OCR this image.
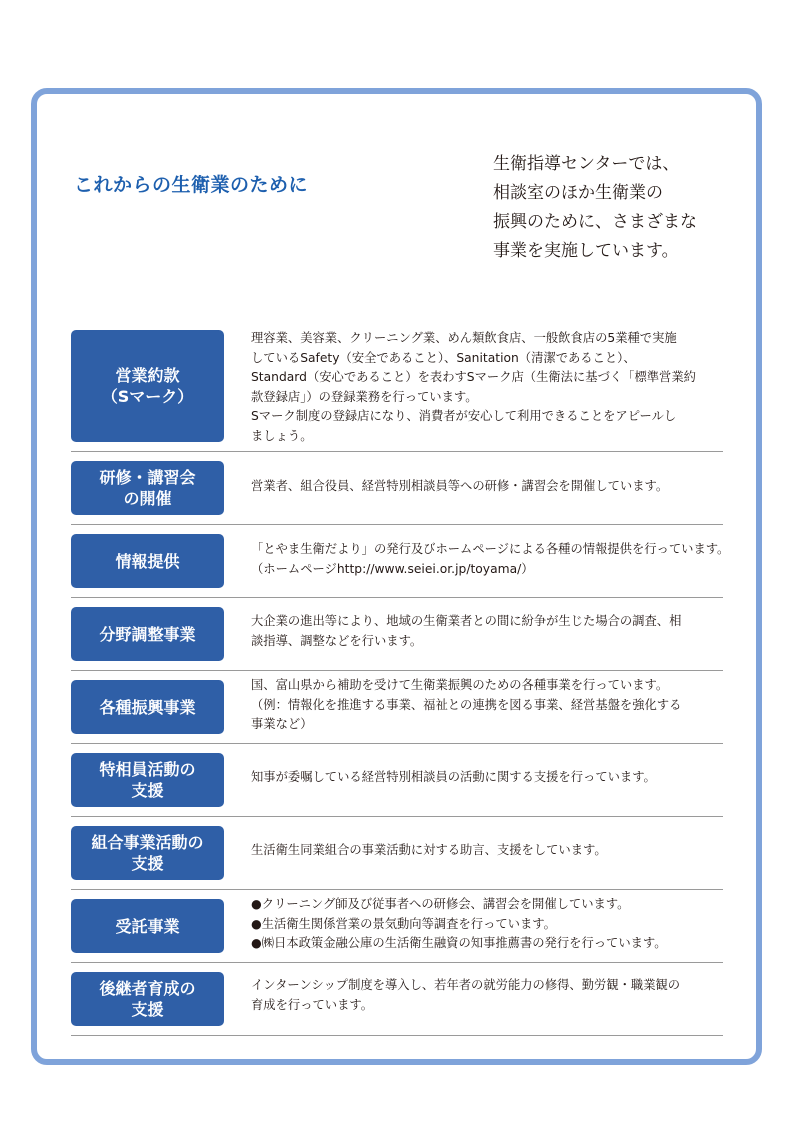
これからの生衛業のために
生衛指導センターでは、
相談室のほか生衛業の
振興のために、さまざまな
事業を実施しています。
営業約款
（Sマーク）
理容業、美容業、クリーニング業、めん類飲食店、一般飲食店の5業種で実施
しているSafety（安全であること）、Sanitation（清潔であること）、
Standard（安心であること）を表わすSマーク店（生衛法に基づく「標準営業約
款登録店」）の登録業務を行っています。
Sマーク制度の登録店になり、消費者が安心して利用できることをアピールし
ましょう。
研修・講習会
の開催
営業者、組合役員、経営特別相談員等への研修・講習会を開催しています。
情報提供
「とやま生衛だより」の発行及びホームページによる各種の情報提供を行っています。
（ホームページhttp://www.seiei.or.jp/toyama/）
分野調整事業
大企業の進出等により、地域の生衛業者との間に紛争が生じた場合の調査、相
談指導、調整などを行います。
各種振興事業
国、富山県から補助を受けて生衛業振興のための各種事業を行っています。
（例：情報化を推進する事業、福祉との連携を図る事業、経営基盤を強化する
事業など）
特相員活動の
支援
知事が委嘱している経営特別相談員の活動に関する支援を行っています。
組合事業活動の
支援
生活衛生同業組合の事業活動に対する助言、支援をしています。
受託事業
●クリーニング師及び従事者への研修会、講習会を開催しています。
●生活衛生関係営業の景気動向等調査を行っています。
●㈱日本政策金融公庫の生活衛生融資の知事推薦書の発行を行っています。
後継者育成の
支援
インターンシップ制度を導入し、若年者の就労能力の修得、勤労観・職業観の
育成を行っています。
